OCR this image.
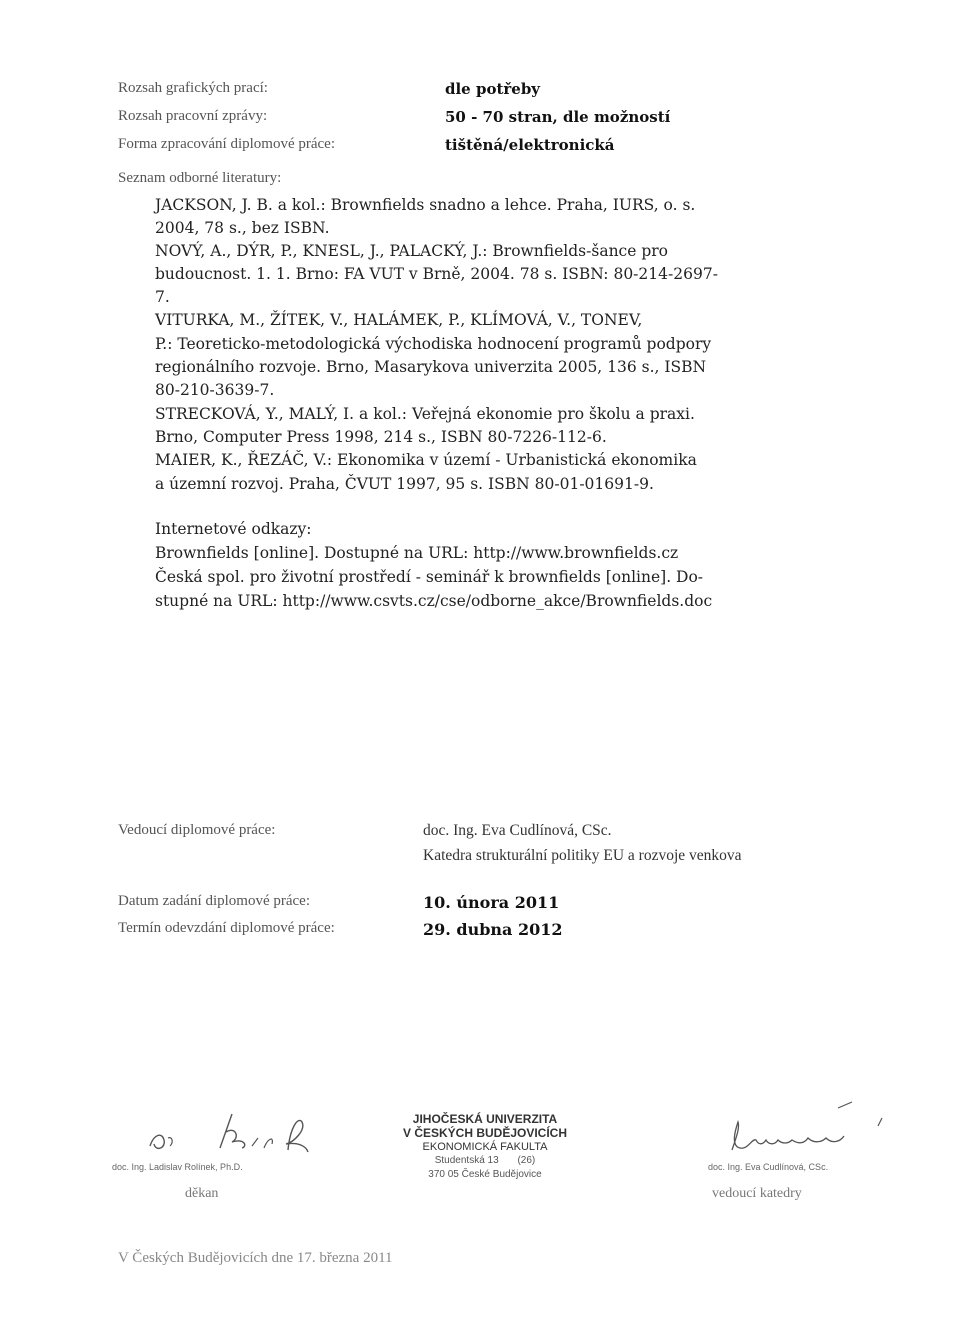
Rozsah grafických prací:	dle potřeby
Rozsah pracovní zprávy:	50 - 70 stran, dle možností
Forma zpracování diplomové práce:	tištěná/elektronická
Seznam odborné literatury:
JACKSON, J. B. a kol.: Brownfields snadno a lehce. Praha, IURS, o. s.
2004, 78 s., bez ISBN.
NOVÝ, A., DÝR, P., KNESL, J., PALACKÝ, J.: Brownfields-šance pro
budoucnost. 1. 1. Brno: FA VUT v Brně, 2004. 78 s. ISBN: 80-214-2697-
7.
VITURKA, M., ŽÍTEK, V., HALÁMEK, P., KLÍMOVÁ, V., TONEV,
P.: Teoreticko-metodologická východiska hodnocení programů podpory
regionálního rozvoje. Brno, Masarykova univerzita 2005, 136 s., ISBN
80-210-3639-7.
STRECKOVÁ, Y., MALÝ, I. a kol.: Veřejná ekonomie pro školu a praxi.
Brno, Computer Press 1998, 214 s., ISBN 80-7226-112-6.
MAIER, K., ŘEZÁČ, V.: Ekonomika v území - Urbanistická ekonomika
a územní rozvoj. Praha, ČVUT 1997, 95 s. ISBN 80-01-01691-9.
Internetové odkazy:
Brownfields [online]. Dostupné na URL: http://www.brownfields.cz
Česká spol. pro životní prostředí - seminář k brownfields [online]. Do-
stupné na URL: http://www.csvts.cz/cse/odborne_akce/Brownfields.doc
Vedoucí diplomové práce:	doc. Ing. Eva Cudlínová, CSc.
Katedra strukturální politiky EU a rozvoje venkova
Datum zadání diplomové práce:	10. února 2011
Termín odevzdání diplomové práce:	29. dubna 2012
doc. Ing. Ladislav Rolínek, Ph.D.
děkan
JIHOČESKÁ UNIVERZITA
V ČESKÝCH BUDĚJOVICÍCH
EKONOMICKÁ FAKULTA
Studentská 13 (26)
370 05 České Budějovice
doc. Ing. Eva Cudlínová, CSc.
vedoucí katedry
V Českých Budějovicích dne 17. března 2011
